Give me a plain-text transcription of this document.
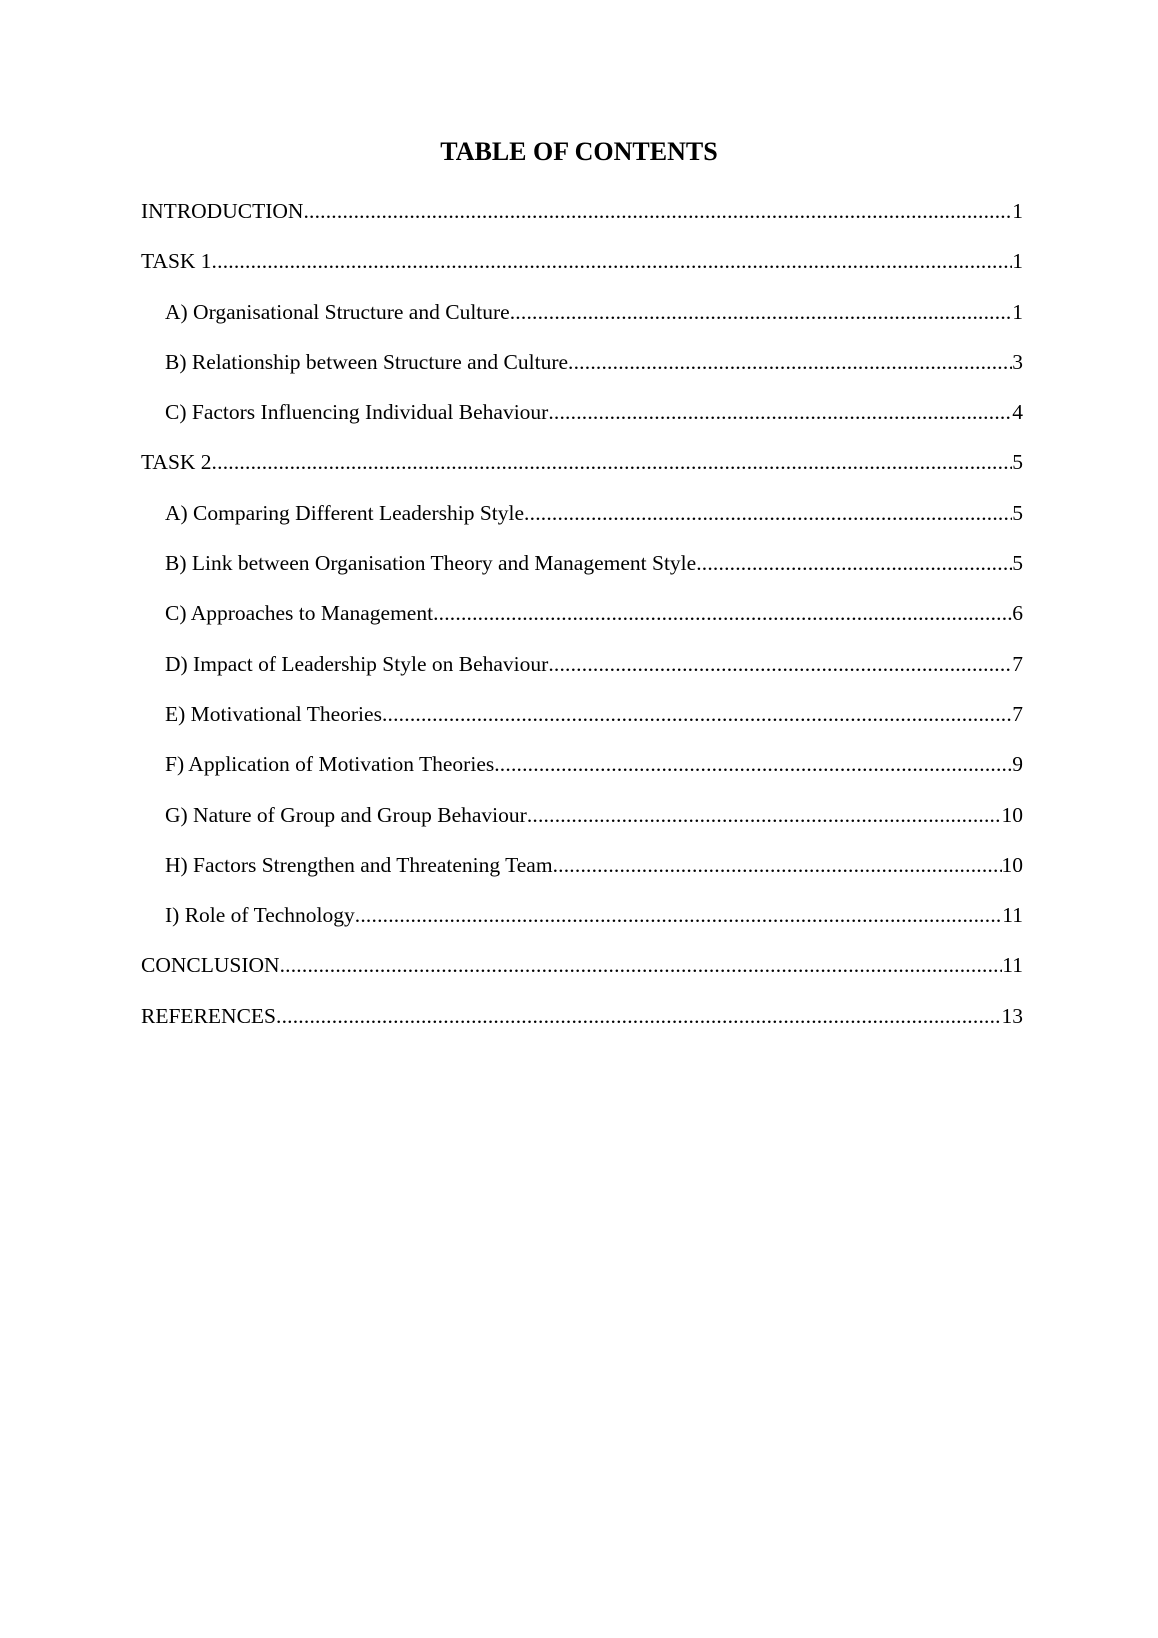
TABLE OF CONTENTS
INTRODUCTION .....	1
TASK 1 .....	1
A) Organisational Structure and Culture .....	1
B) Relationship between Structure and Culture .....	3
C) Factors Influencing Individual Behaviour .....	4
TASK 2 .....	5
A) Comparing Different Leadership Style .....	5
B) Link between Organisation Theory and Management Style .....	5
C) Approaches to Management .....	6
D) Impact of Leadership Style on Behaviour .....	7
E) Motivational Theories .....	7
F) Application of Motivation Theories .....	9
G) Nature of Group and Group Behaviour .....	10
H) Factors Strengthen and Threatening Team .....	10
I) Role of Technology .....	11
CONCLUSION .....	11
REFERENCES .....	13
